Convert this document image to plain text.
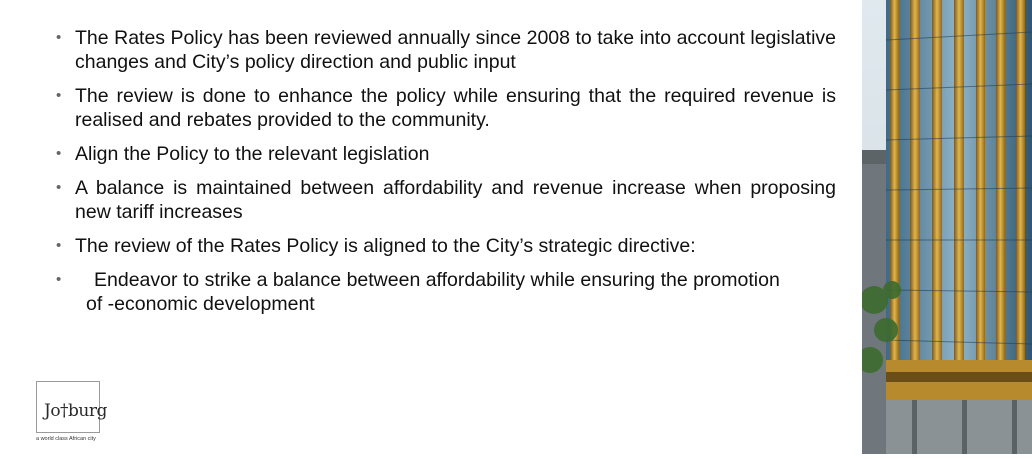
• The Rates Policy has been reviewed annually since 2008 to take into account legislative changes and City’s policy direction and public input
• The review is done to enhance the policy while ensuring that the required revenue is realised and rebates provided to the community.
• Align the Policy to the relevant legislation
• A balance is maintained between affordability and revenue increase when proposing new tariff increases
• The review of the Rates Policy is aligned to the City’s strategic directive:
• Endeavor to strike a balance between affordability while ensuring the promotion
of -economic development
Jo†burg
a world class African city
